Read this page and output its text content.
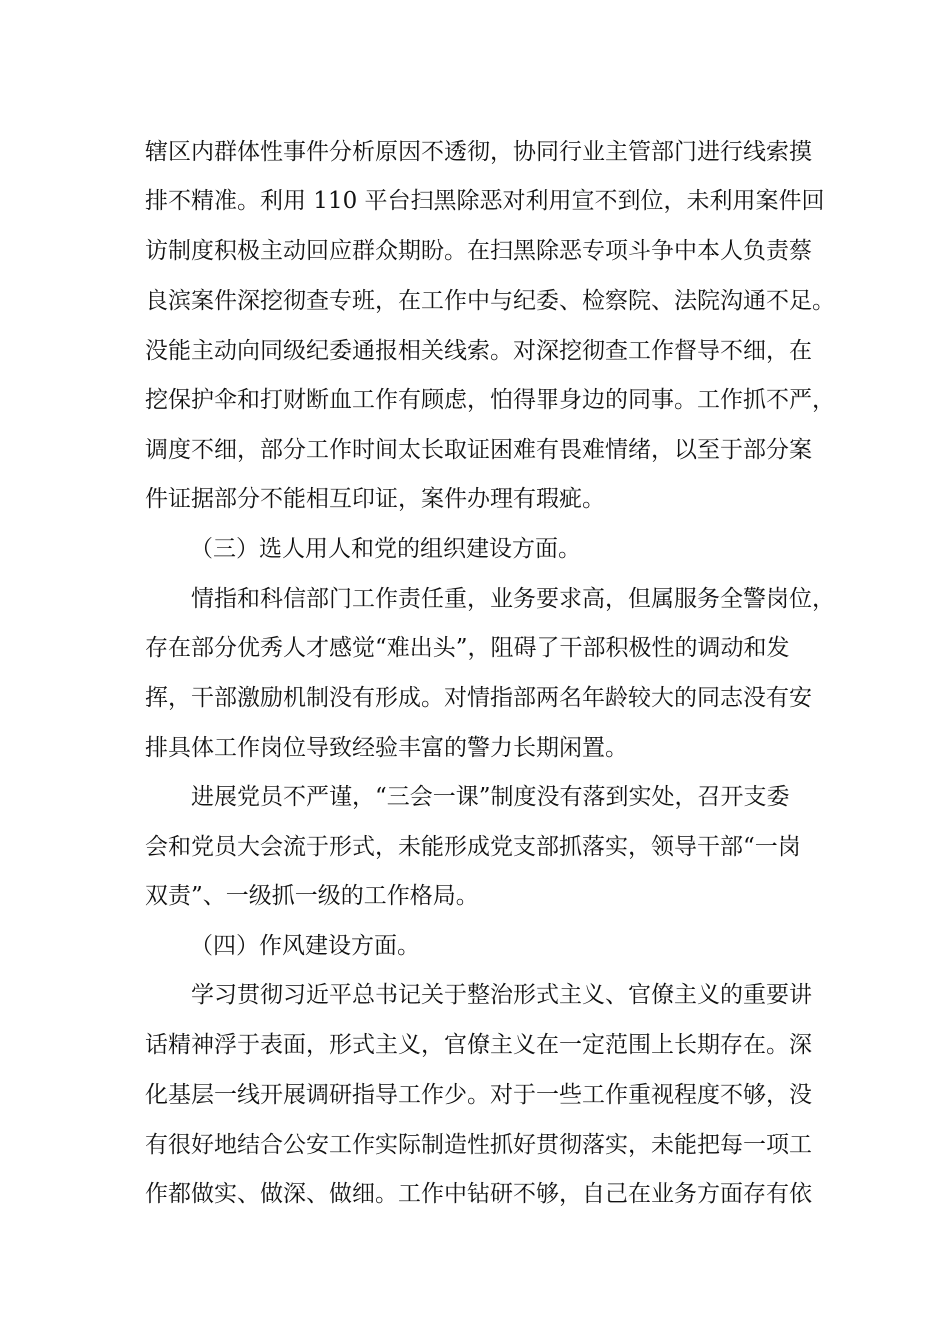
辖区内群体性事件分析原因不透彻，协同行业主管部门进行线索摸
排不精准。利用 110 平台扫黑除恶对利用宣不到位，未利用案件回
访制度积极主动回应群众期盼。在扫黑除恶专项斗争中本人负责蔡
良滨案件深挖彻查专班，在工作中与纪委、检察院、法院沟通不足。
没能主动向同级纪委通报相关线索。对深挖彻查工作督导不细，在
挖保护伞和打财断血工作有顾虑，怕得罪身边的同事。工作抓不严，
调度不细，部分工作时间太长取证困难有畏难情绪，以至于部分案
件证据部分不能相互印证，案件办理有瑕疵。
（三）选人用人和党的组织建设方面。
情指和科信部门工作责任重，业务要求高，但属服务全警岗位，
存在部分优秀人才感觉“难出头”，阻碍了干部积极性的调动和发
挥，干部激励机制没有形成。对情指部两名年龄较大的同志没有安
排具体工作岗位导致经验丰富的警力长期闲置。
进展党员不严谨，“三会一课”制度没有落到实处，召开支委
会和党员大会流于形式，未能形成党支部抓落实，领导干部“一岗
双责”、一级抓一级的工作格局。
（四）作风建设方面。
学习贯彻习近平总书记关于整治形式主义、官僚主义的重要讲
话精神浮于表面，形式主义，官僚主义在一定范围上长期存在。深
化基层一线开展调研指导工作少。对于一些工作重视程度不够，没
有很好地结合公安工作实际制造性抓好贯彻落实，未能把每一项工
作都做实、做深、做细。工作中钻研不够，自己在业务方面存有依
